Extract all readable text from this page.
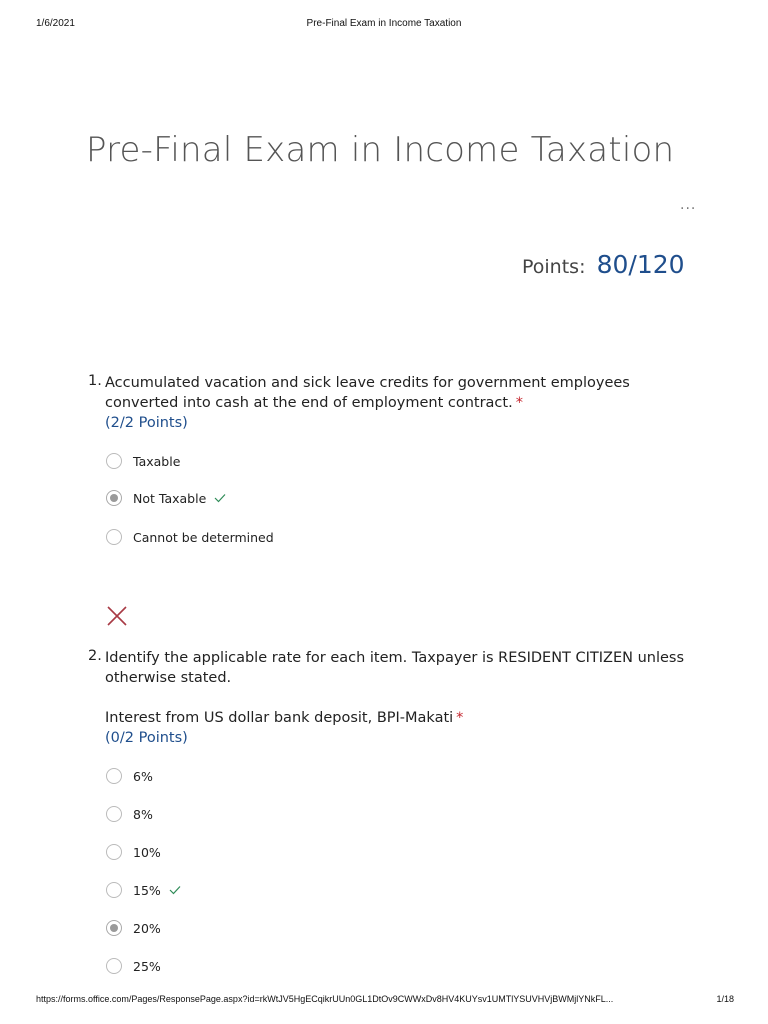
1/6/2021	Pre-Final Exam in Income Taxation
Pre-Final Exam in Income Taxation
...
Points: 80/120
1. Accumulated vacation and sick leave credits for government employees converted into cash at the end of employment contract. *
(2/2 Points)
Taxable
Not Taxable
Cannot be determined
2. Identify the applicable rate for each item. Taxpayer is RESIDENT CITIZEN unless otherwise stated.
Interest from US dollar bank deposit, BPI-Makati *
(0/2 Points)
6%
8%
10%
15%
20%
25%
https://forms.office.com/Pages/ResponsePage.aspx?id=rkWtJV5HgECqikrUUn0GL1DtOv9CWWxDv8HV4KUYsv1UMTlYSUVHVjBWMjlYNkFL...	1/18
